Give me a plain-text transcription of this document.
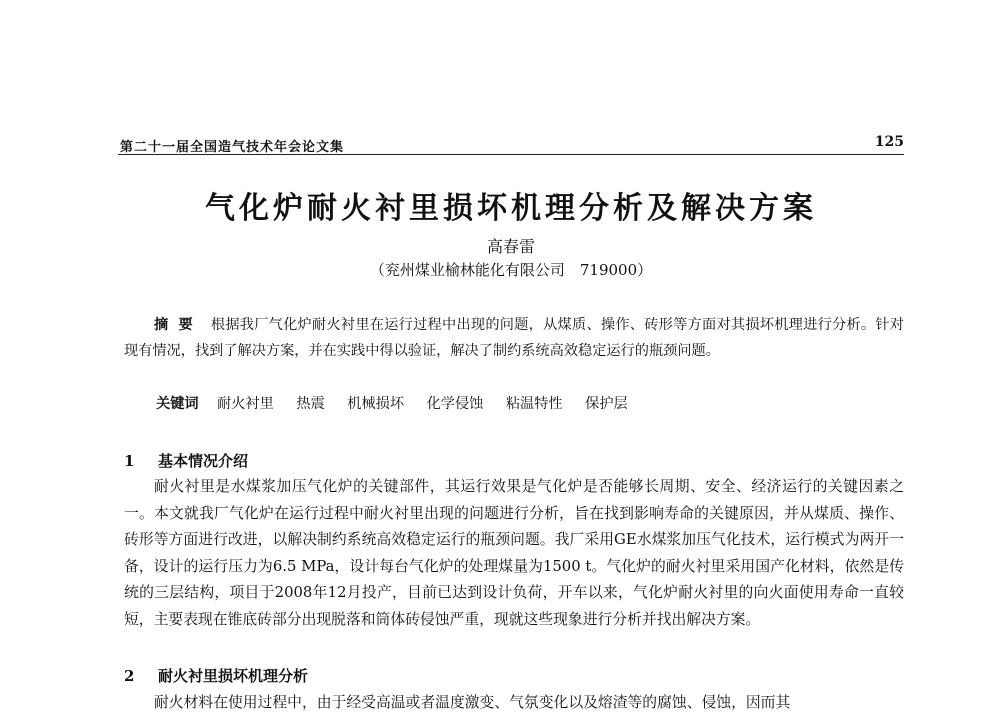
第二十一届全国造气技术年会论文集	125
气化炉耐火衬里损坏机理分析及解决方案
高春雷
（兖州煤业榆林能化有限公司　719000）
摘要 根据我厂气化炉耐火衬里在运行过程中出现的问题，从煤质、操作、砖形等方面对其损坏机理进行分析。针对现有情况，找到了解决方案，并在实践中得以验证，解决了制约系统高效稳定运行的瓶颈问题。
关键词 耐火衬里 热震 机械损坏 化学侵蚀 粘温特性 保护层
1 基本情况介绍
耐火衬里是水煤浆加压气化炉的关键部件，其运行效果是气化炉是否能够长周期、安全、经济运行的关键因素之一。本文就我厂气化炉在运行过程中耐火衬里出现的问题进行分析，旨在找到影响寿命的关键原因，并从煤质、操作、砖形等方面进行改进，以解决制约系统高效稳定运行的瓶颈问题。我厂采用GE水煤浆加压气化技术，运行模式为两开一备，设计的运行压力为6.5 MPa，设计每台气化炉的处理煤量为1500 t。气化炉的耐火衬里采用国产化材料，依然是传统的三层结构，项目于2008年12月投产，目前已达到设计负荷，开车以来，气化炉耐火衬里的向火面使用寿命一直较短，主要表现在锥底砖部分出现脱落和筒体砖侵蚀严重，现就这些现象进行分析并找出解决方案。
2 耐火衬里损坏机理分析
耐火材料在使用过程中，由于经受高温或者温度激变、气氛变化以及熔渣等的腐蚀、侵蚀，因而其
